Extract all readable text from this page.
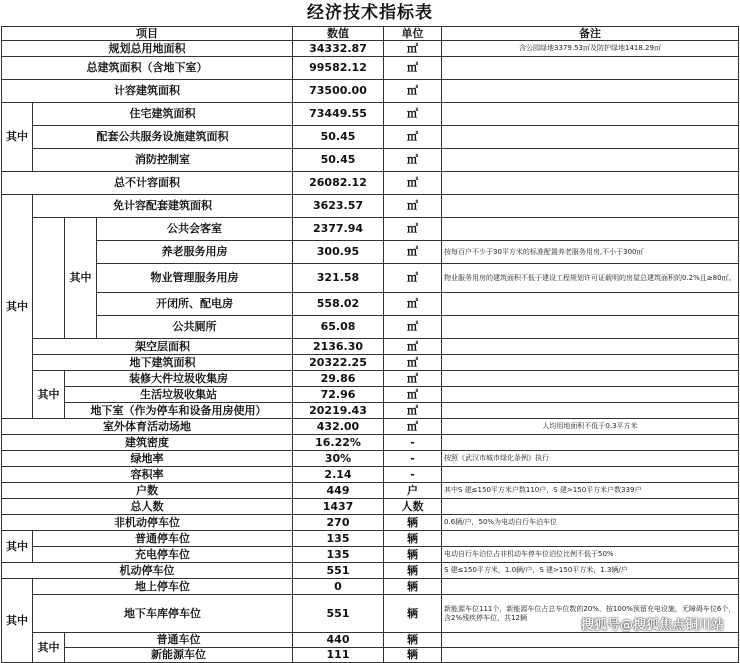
经济技术指标表
项目				数值	单位	备注
规划总用地面积				34332.87	㎡	含公园绿地3379.53㎡及防护绿地1418.29㎡
总建筑面积（含地下室）				99582.12	㎡	
计容建筑面积				73500.00	㎡	
其中	住宅建筑面积			73449.55	㎡	
	配套公共服务设施建筑面积			50.45	㎡	
	消防控制室			50.45	㎡	
总不计容面积				26082.12	㎡	
其中	免计容配套建筑面积			3623.57	㎡	
		其中	公共会客室	2377.94	㎡	
			养老服务用房	300.95	㎡	按每百户不少于30平方米的标准配置养老服务用房,不小于300㎡
			物业管理服务用房	321.58	㎡	物业服务用房的建筑面积不低于建设工程规划许可证载明的房屋总建筑面积的0.2%且≥80㎡。
			开闭所、配电房	558.02	㎡	
			公共厕所	65.08	㎡	
	架空层面积			2136.30	㎡	
	地下建筑面积			20322.25	㎡	
	其中	装修大件垃圾收集房		29.86	㎡	
		生活垃圾收集站		72.96	㎡	
		地下室（作为停车和设备用房使用）		20219.43	㎡	
室外体育活动场地				432.00	㎡	人均用地面积不低于0.3平方米
建筑密度				16.22%	-	
绿地率				30%	-	按照《武汉市城市绿化条例》执行
容积率				2.14	-	
户数				449	户	其中S 建≤150平方米户数110户，S 建>150平方米户数339户
总人数				1437	人数	
非机动停车位				270	辆	0.6辆/户，50%为电动自行车泊车位
其中	普通停车位			135	辆	
	充电停车位			135	辆	电动自行车泊位占非机动车停车位泊位比例不低于50%
机动停车位				551	辆	S 建≤150平方米，1.0辆/户，S 建>150平方米，1.3辆/户
其中	地上停车位			0	辆	
	地下车库停车位			551	辆	新能源车位111个，新能源车位占总车位数的20%，按100%预留充电设施，无障碍车位6个，含2%残疾停车位，共12辆
	其中	普通车位		440	辆	
		新能源车位		111	辆	
搜狐号@搜狐焦点铜川站
